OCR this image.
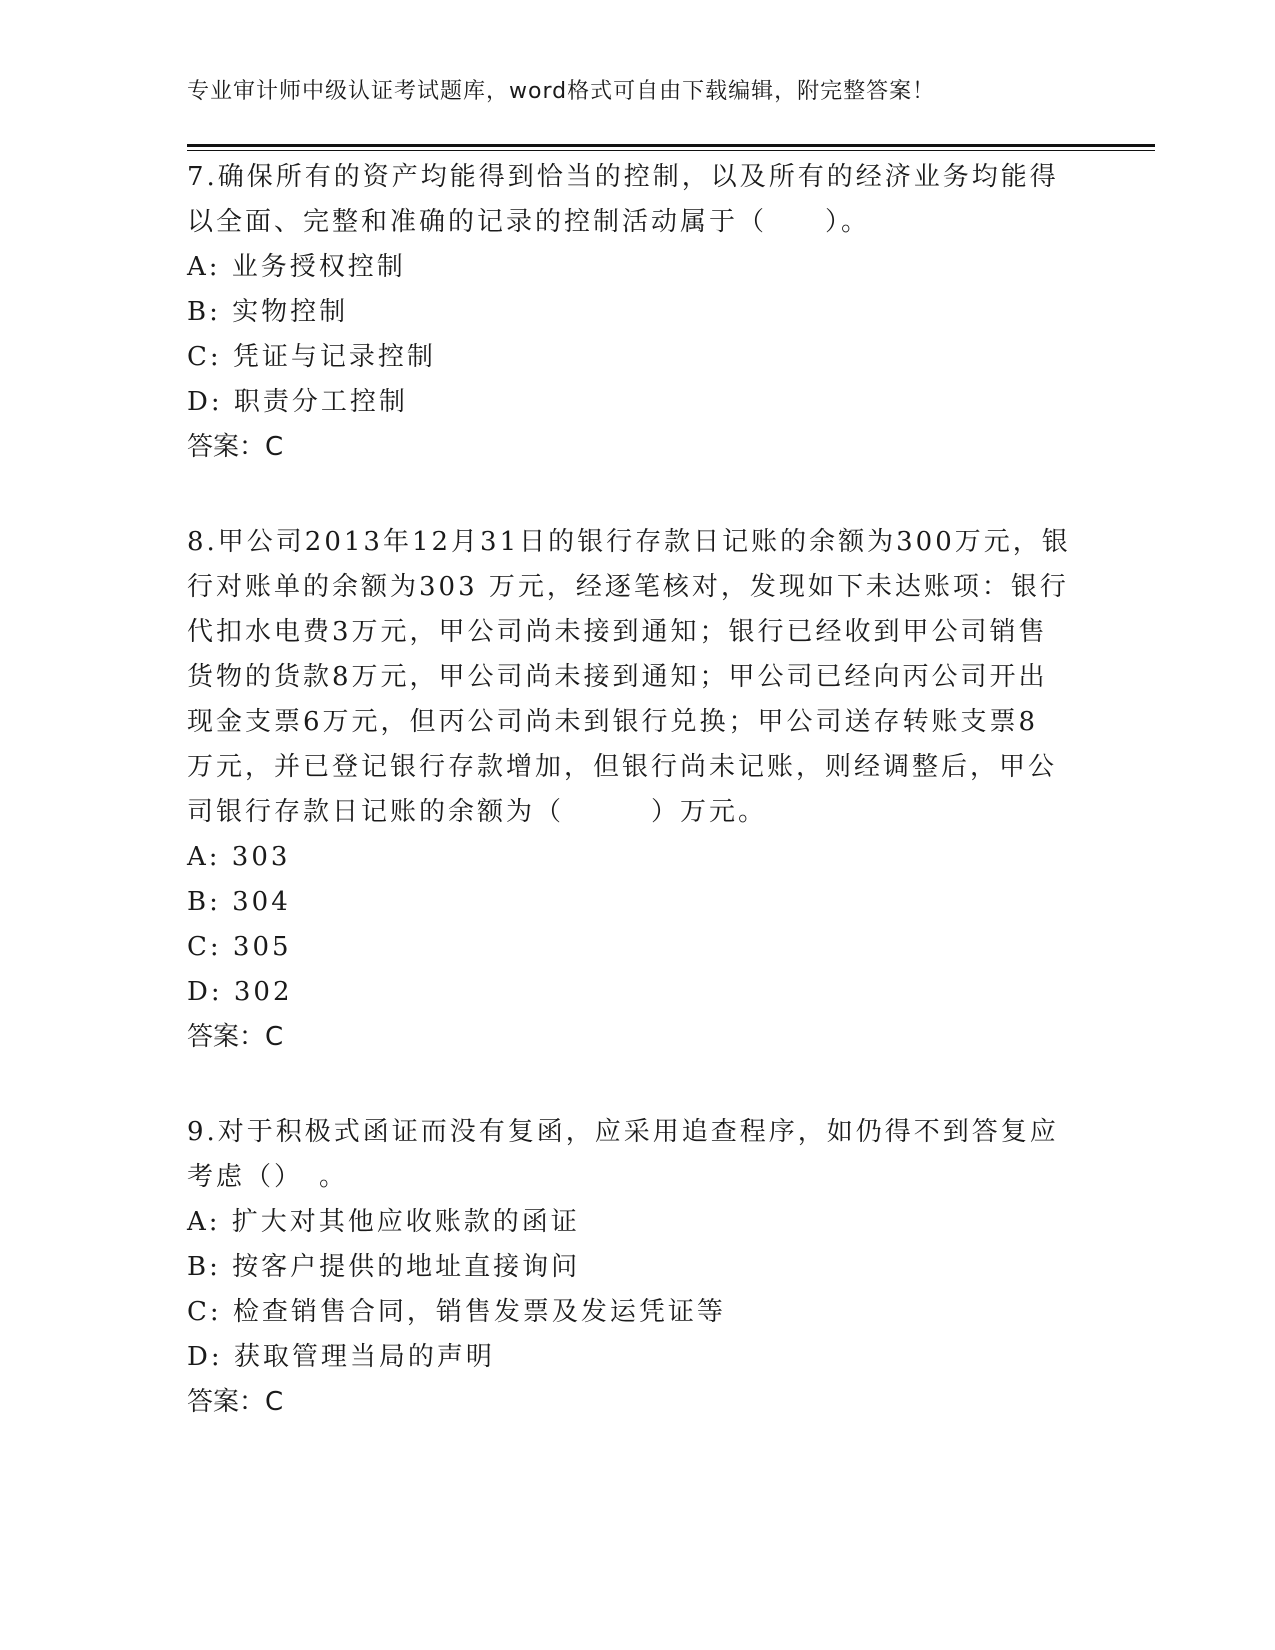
专业审计师中级认证考试题库，word格式可自由下载编辑，附完整答案！

7.确保所有的资产均能得到恰当的控制，以及所有的经济业务均能得
以全面、完整和准确的记录的控制活动属于（　　）。

A: 业务授权控制
B: 实物控制
C: 凭证与记录控制
D: 职责分工控制
答案：C

8.甲公司2013年12月31日的银行存款日记账的余额为300万元，银
行对账单的余额为303 万元，经逐笔核对，发现如下未达账项：银行
代扣水电费3万元，甲公司尚未接到通知；银行已经收到甲公司销售
货物的货款8万元，甲公司尚未接到通知；甲公司已经向丙公司开出
现金支票6万元，但丙公司尚未到银行兑换；甲公司送存转账支票8
万元，并已登记银行存款增加，但银行尚未记账，则经调整后，甲公
司银行存款日记账的余额为（　　　）万元。

A: 303
B: 304
C: 305
D: 302
答案：C

9.对于积极式函证而没有复函，应采用追查程序，如仍得不到答复应
考虑（）　。

A: 扩大对其他应收账款的函证
B: 按客户提供的地址直接询问
C: 检查销售合同，销售发票及发运凭证等
D: 获取管理当局的声明
答案：C
